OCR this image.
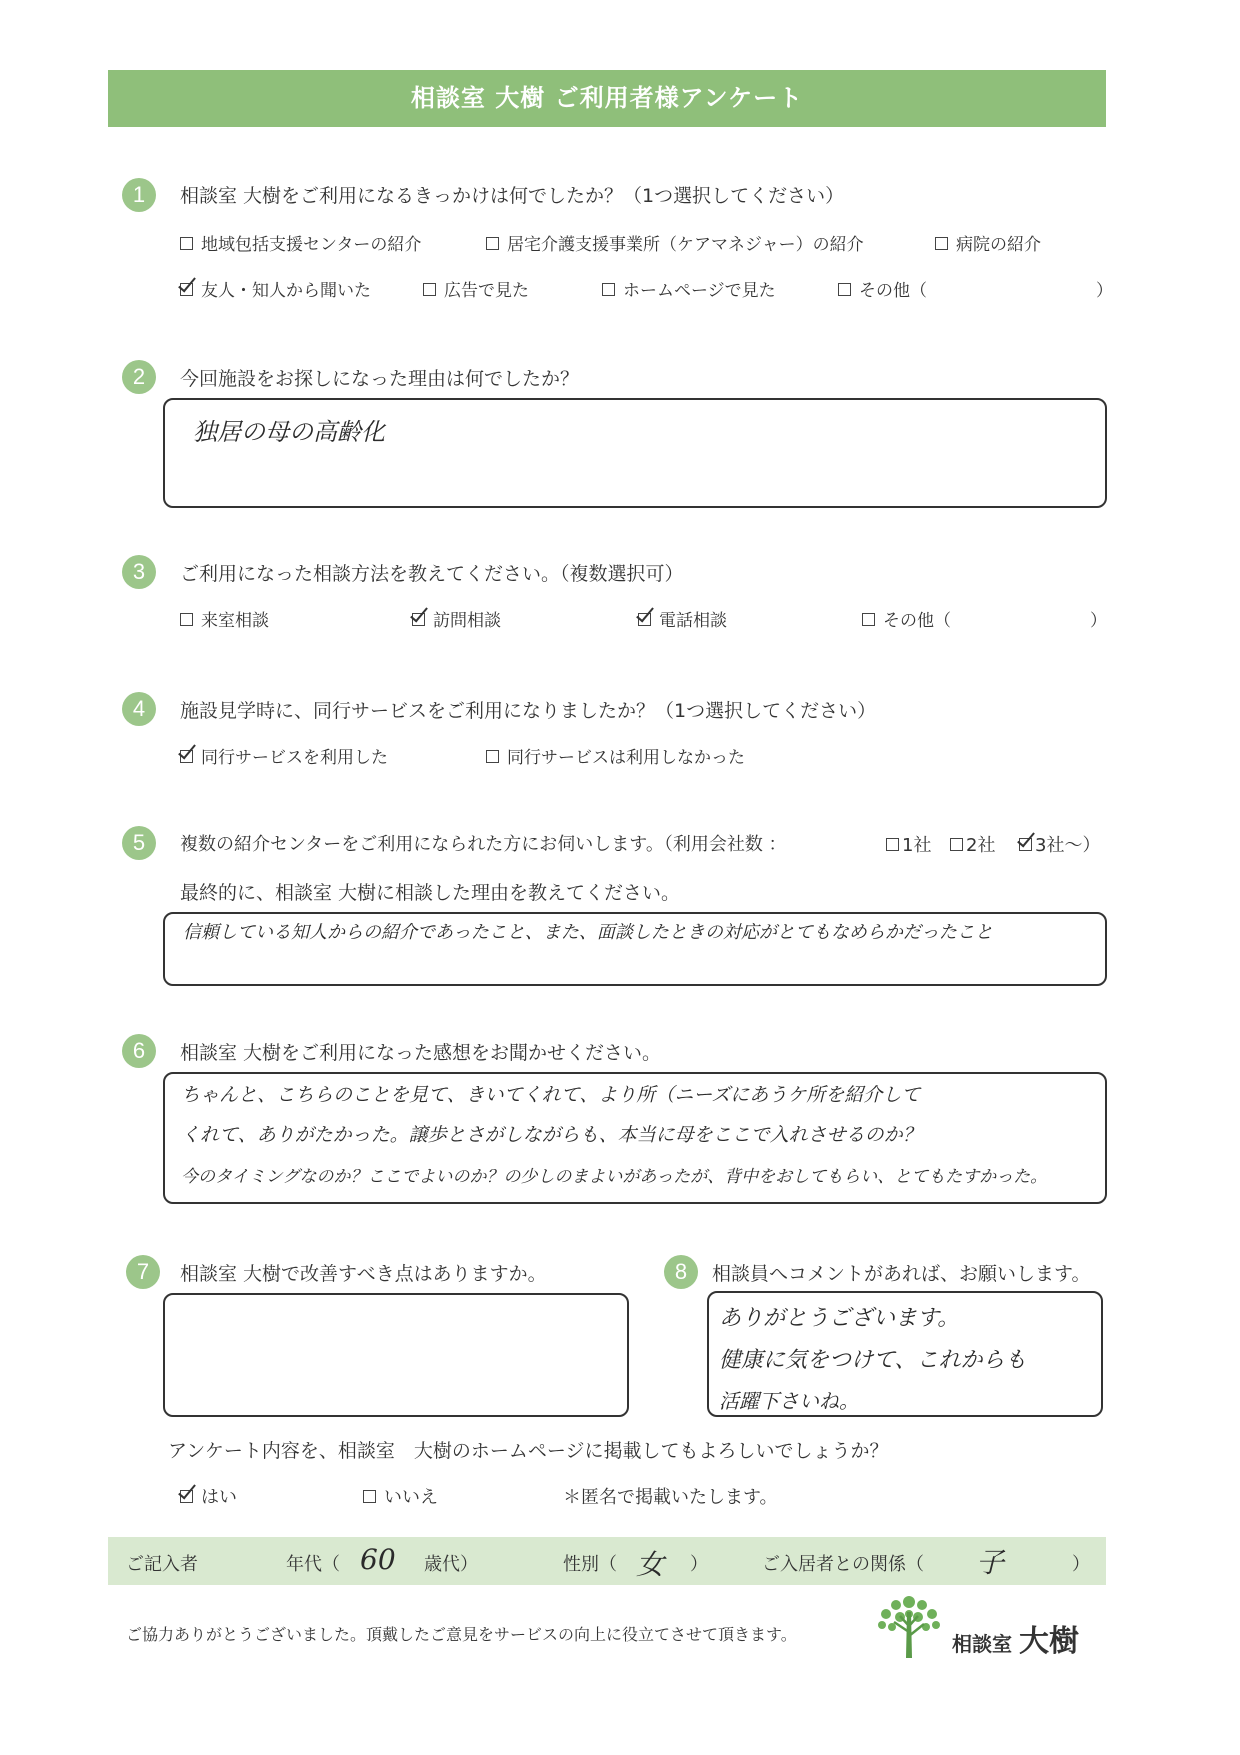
相談室 大樹 ご利用者様アンケート
1	相談室 大樹をご利用になるきっかけは何でしたか？（1つ選択してください）
地域包括支援センターの紹介	居宅介護支援事業所（ケアマネジャー）の紹介	病院の紹介
友人・知人から聞いた	広告で見た	ホームページで見た	その他（	）
2	今回施設をお探しになった理由は何でしたか？
独居の母の高齢化
3	ご利用になった相談方法を教えてください。（複数選択可）
来室相談	訪問相談	電話相談	その他（	）
4	施設見学時に、同行サービスをご利用になりましたか？（1つ選択してください）
同行サービスを利用した	同行サービスは利用しなかった
5	複数の紹介センターをご利用になられた方にお伺いします。（利用会社数 ：	1社	2社	3社～）
最終的に、相談室 大樹に相談した理由を教えてください。
信頼している知人からの紹介であったこと、また、面談したときの対応がとてもなめらかだったこと
6	相談室 大樹をご利用になった感想をお聞かせください。
ちゃんと、こちらのことを見て、きいてくれて、より所（ニーズにあうケ所を紹介して
くれて、ありがたかった。譲歩とさがしながらも、本当に母をここで入れさせるのか？
今のタイミングなのか？ここでよいのか？の少しのまよいがあったが、背中をおしてもらい、とてもたすかった。
7	相談室 大樹で改善すべき点はありますか。	8	相談員へコメントがあれば、お願いします。
ありがとうございます。
健康に気をつけて、これからも
活躍下さいね。
アンケート内容を、相談室　大樹のホームページに掲載してもよろしいでしょうか？
はい	いいえ	＊匿名で掲載いたします。
ご記入者	年代（ 60 歳代）	性別（ 女 ）	ご入居者との関係（ 子	）
ご協力ありがとうございました。頂戴したご意見をサービスの向上に役立てさせて頂きます。	相談室 大樹
